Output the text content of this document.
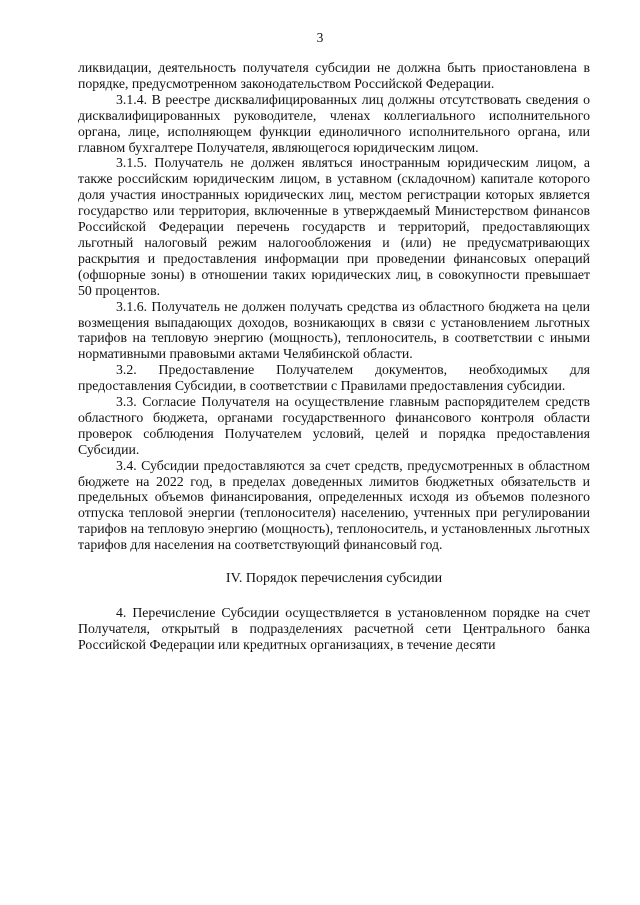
3

ликвидации, деятельность получателя субсидии не должна быть приостановлена в порядке, предусмотренном законодательством Российской Федерации.

3.1.4. В реестре дисквалифицированных лиц должны отсутствовать сведения о дисквалифицированных руководителе, членах коллегиального исполнительного органа, лице, исполняющем функции единоличного исполнительного органа, или главном бухгалтере Получателя, являющегося юридическим лицом.

3.1.5. Получатель не должен являться иностранным юридическим лицом, а также российским юридическим лицом, в уставном (складочном) капитале которого доля участия иностранных юридических лиц, местом регистрации которых является государство или территория, включенные в утверждаемый Министерством финансов Российской Федерации перечень государств и территорий, предоставляющих льготный налоговый режим налогообложения и (или) не предусматривающих раскрытия и предоставления информации при проведении финансовых операций (офшорные зоны) в отношении таких юридических лиц, в совокупности превышает 50 процентов.

3.1.6. Получатель не должен получать средства из областного бюджета на цели возмещения выпадающих доходов, возникающих в связи с установлением льготных тарифов на тепловую энергию (мощность), теплоноситель, в соответствии с иными нормативными правовыми актами Челябинской области.

3.2. Предоставление Получателем документов, необходимых для предоставления Субсидии, в соответствии с Правилами предоставления субсидии.

3.3. Согласие Получателя на осуществление главным распорядителем средств областного бюджета, органами государственного финансового контроля области проверок соблюдения Получателем условий, целей и порядка предоставления Субсидии.

3.4. Субсидии предоставляются за счет средств, предусмотренных в областном бюджете на 2022 год, в пределах доведенных лимитов бюджетных обязательств и предельных объемов финансирования, определенных исходя из объемов полезного отпуска тепловой энергии (теплоносителя) населению, учтенных при регулировании тарифов на тепловую энергию (мощность), теплоноситель, и установленных льготных тарифов для населения на соответствующий финансовый год.

IV. Порядок перечисления субсидии

4. Перечисление Субсидии осуществляется в установленном порядке на счет Получателя, открытый в подразделениях расчетной сети Центрального банка Российской Федерации или кредитных организациях, в течение десяти
